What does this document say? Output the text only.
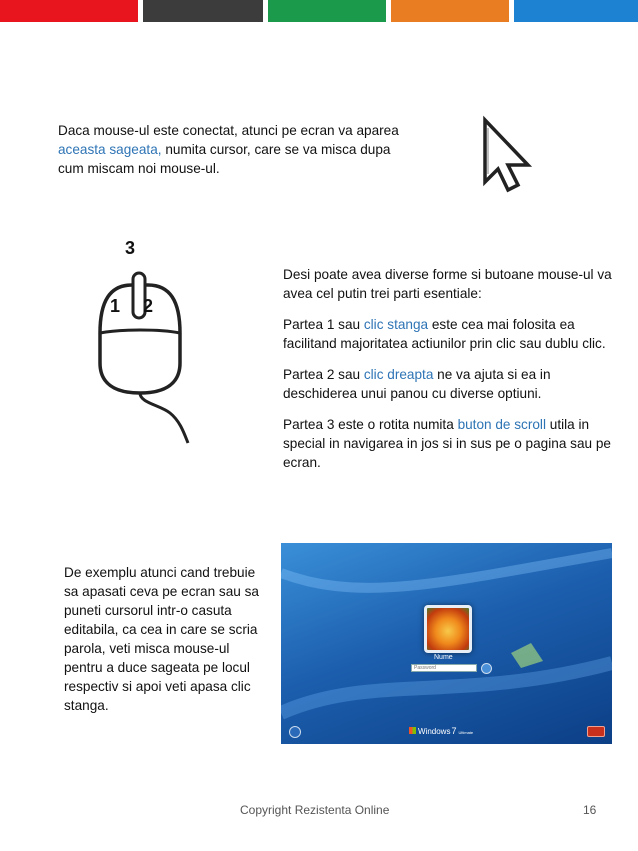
Daca mouse-ul este conectat, atunci pe ecran va aparea aceasta sageata, numita cursor, care se va misca dupa cum miscam noi mouse-ul.
3
1 2

Desi poate avea diverse forme si butoane mouse-ul va avea cel putin trei parti esentiale:

Partea 1 sau clic stanga este cea mai folosita ea facilitand majoritatea actiunilor prin clic sau dublu clic.

Partea 2 sau clic dreapta ne va ajuta si ea in deschiderea unui panou cu diverse optiuni.

Partea 3 este o rotita numita buton de scroll utila in special in navigarea in jos si in sus pe o pagina sau pe ecran.

De exemplu atunci cand trebuie sa apasati ceva pe ecran sau sa puneti cursorul intr-o casuta editabila, ca cea in care se scria parola, veti misca mouse-ul pentru a duce sageata pe locul respectiv si apoi veti apasa clic stanga.
Nume
Password
Windows7 Ultimate
Copyright Rezistenta Online	16
